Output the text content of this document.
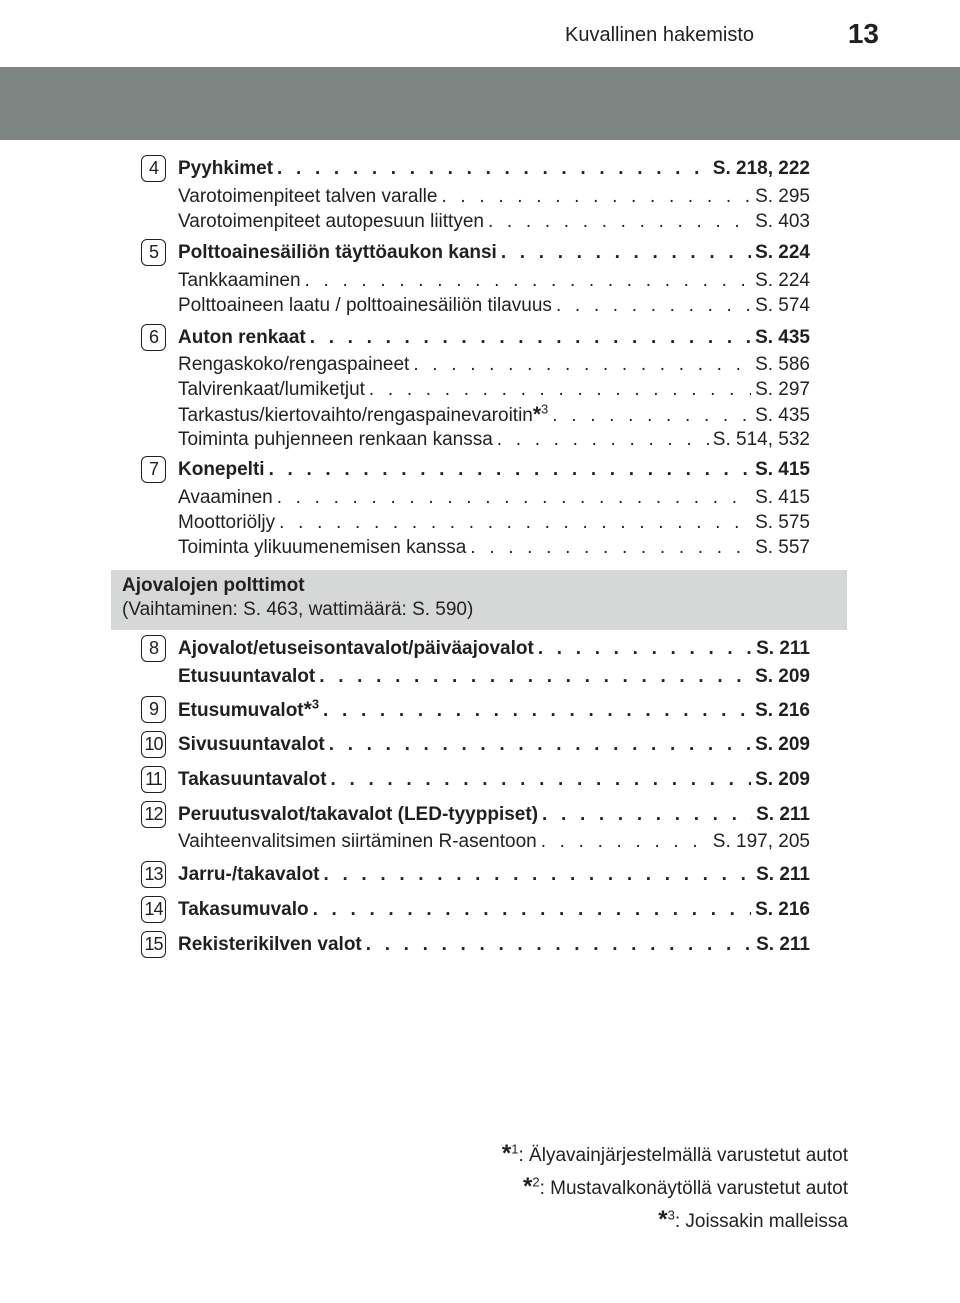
Kuvallinen hakemisto	13
4	Pyyhkimet . . .	S. 218, 222
Varotoimenpiteet talven varalle . . .	S. 295
Varotoimenpiteet autopesuun liittyen . . .	S. 403
5	Polttoainesäiliön täyttöaukon kansi . . .	S. 224
Tankkaaminen . . .	S. 224
Polttoaineen laatu / polttoainesäiliön tilavuus . . .	S. 574
6	Auton renkaat . . .	S. 435
Rengaskoko/rengaspaineet . . .	S. 586
Talvirenkaat/lumiketjut . . .	S. 297
Tarkastus/kiertovaihto/rengaspainevaroitin*$^3$ . . .	S. 435
Toiminta puhjenneen renkaan kanssa . . .	S. 514, 532
7	Konepelti . . .	S. 415
Avaaminen . . .	S. 415
Moottoriöljy . . .	S. 575
Toiminta ylikuumenemisen kanssa . . .	S. 557
8	Ajovalot/etuseisontavalot/päiväajovalot . . .	S. 211
Etusuuntavalot . . .	S. 209
9	Etusumuvalot*$^3$ . . .	S. 216
10 Sivusuuntavalot . . .	S. 209
11 Takasuuntavalot . . .	S. 209
12 Peruutusvalot/takavalot (LED-tyyppiset) . . .	S. 211
Vaihteenvalitsimen siirtäminen R-asentoon . . .	S. 197, 205
13 Jarru-/takavalot . . .	S. 211
14 Takasumuvalo . . .	S. 216
15 Rekisterikilven valot . . .	S. 211
Ajovalojen polttimot
(Vaihtaminen: S. 463, wattimäärä: S. 590)
*$^1$: Älyavainjärjestelmällä varustetut autot
*$^2$: Mustavalkonäytöllä varustetut autot
*$^3$: Joissakin malleissa
